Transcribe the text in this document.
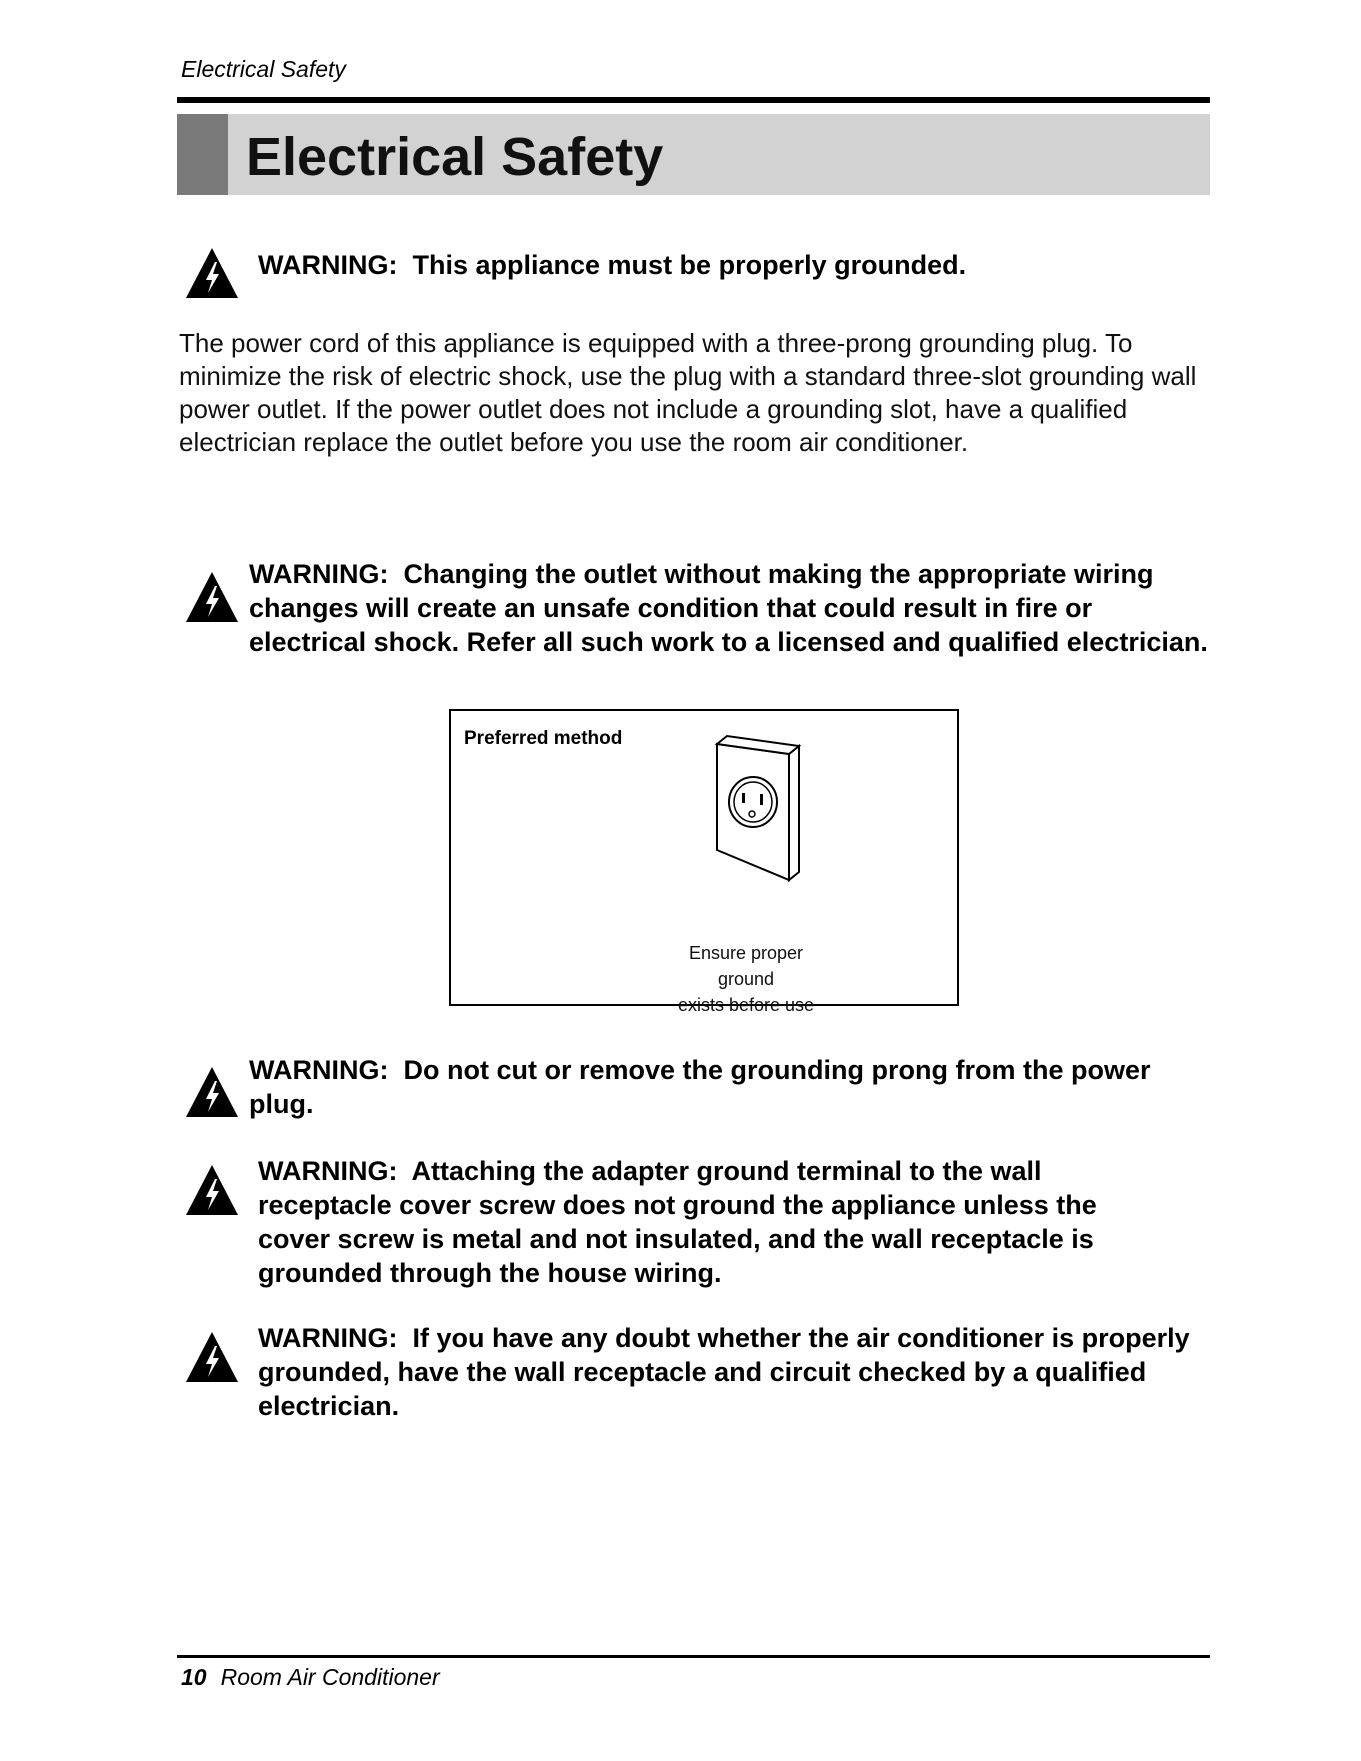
Electrical Safety
Electrical Safety
WARNING: This appliance must be properly grounded.
The power cord of this appliance is equipped with a three-prong grounding plug. To minimize the risk of electric shock, use the plug with a standard three-slot grounding wall power outlet. If the power outlet does not include a grounding slot, have a qualified electrician replace the outlet before you use the room air conditioner.
WARNING: Changing the outlet without making the appropriate wiring changes will create an unsafe condition that could result in fire or electrical shock. Refer all such work to a licensed and qualified electrician.
Preferred method
Ensure proper ground
exists before use
WARNING: Do not cut or remove the grounding prong from the power plug.
WARNING: Attaching the adapter ground terminal to the wall receptacle cover screw does not ground the appliance unless the cover screw is metal and not insulated, and the wall receptacle is grounded through the house wiring.
WARNING: If you have any doubt whether the air conditioner is properly grounded, have the wall receptacle and circuit checked by a qualified electrician.
10 Room Air Conditioner
